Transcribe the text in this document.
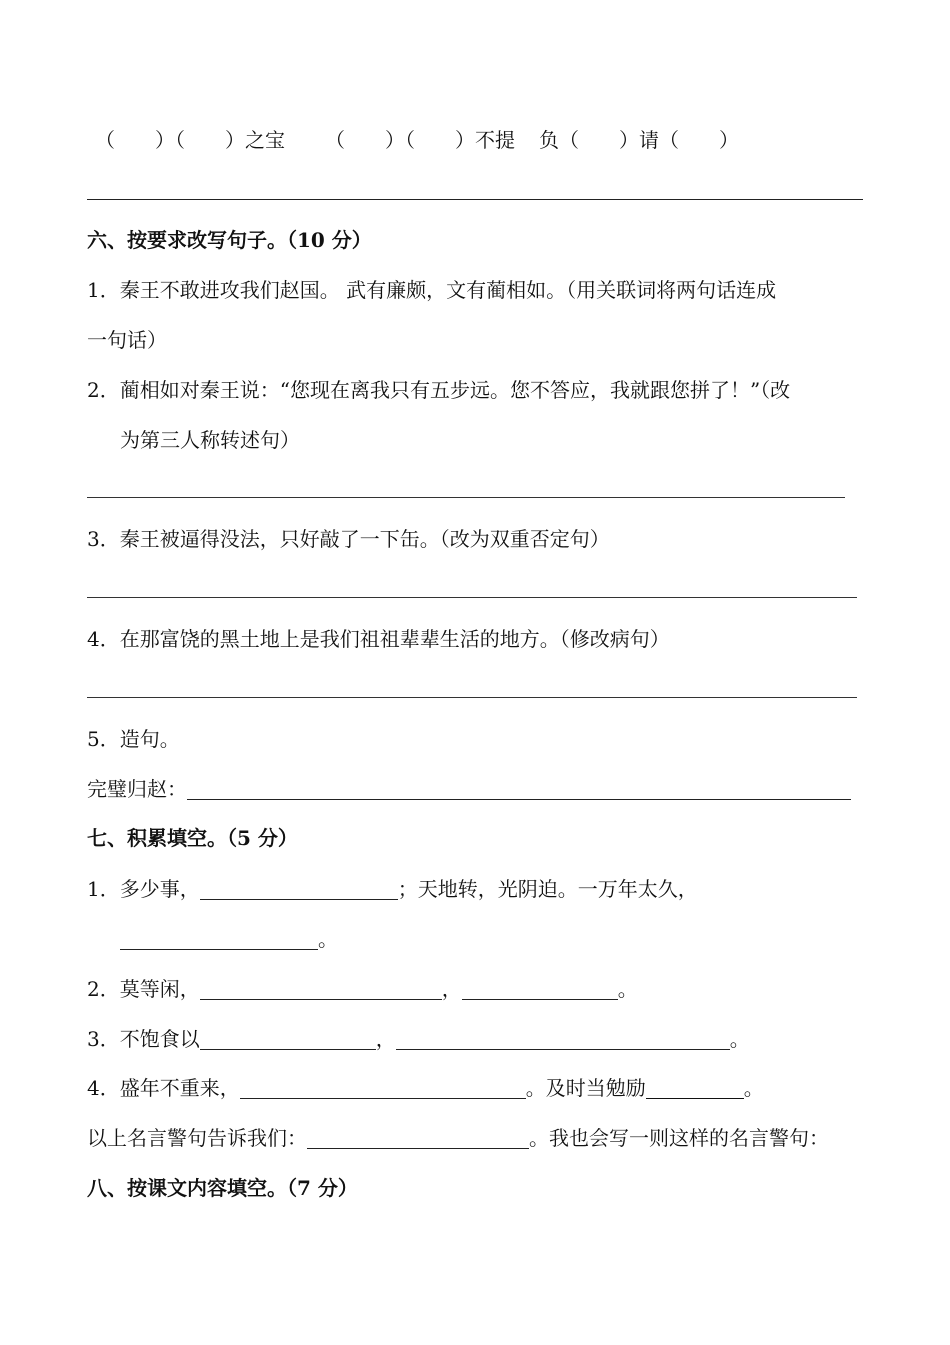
（ ）（ ）之宝 （ ）（ ）不提 负（ ）请（ ）
六、按要求改写句子。（10 分）
1．秦王不敢进攻我们赵国。 武有廉颇，文有蔺相如。（用关联词将两句话连成
一句话）
2．蔺相如对秦王说：“您现在离我只有五步远。您不答应，我就跟您拼了！”（改
为第三人称转述句）
3．秦王被逼得没法，只好敲了一下缶。（改为双重否定句）
4．在那富饶的黑土地上是我们祖祖辈辈生活的地方。（修改病句）
5．造句。
完璧归赵：
七、积累填空。（5 分）
1．多少事，	；天地转，光阴迫。一万年太久，
。
2．莫等闲，	，	。
3．不饱食以	，	。
4．盛年不重来，	。及时当勉励	。
以上名言警句告诉我们：	。我也会写一则这样的名言警句：
八、按课文内容填空。（7 分）
